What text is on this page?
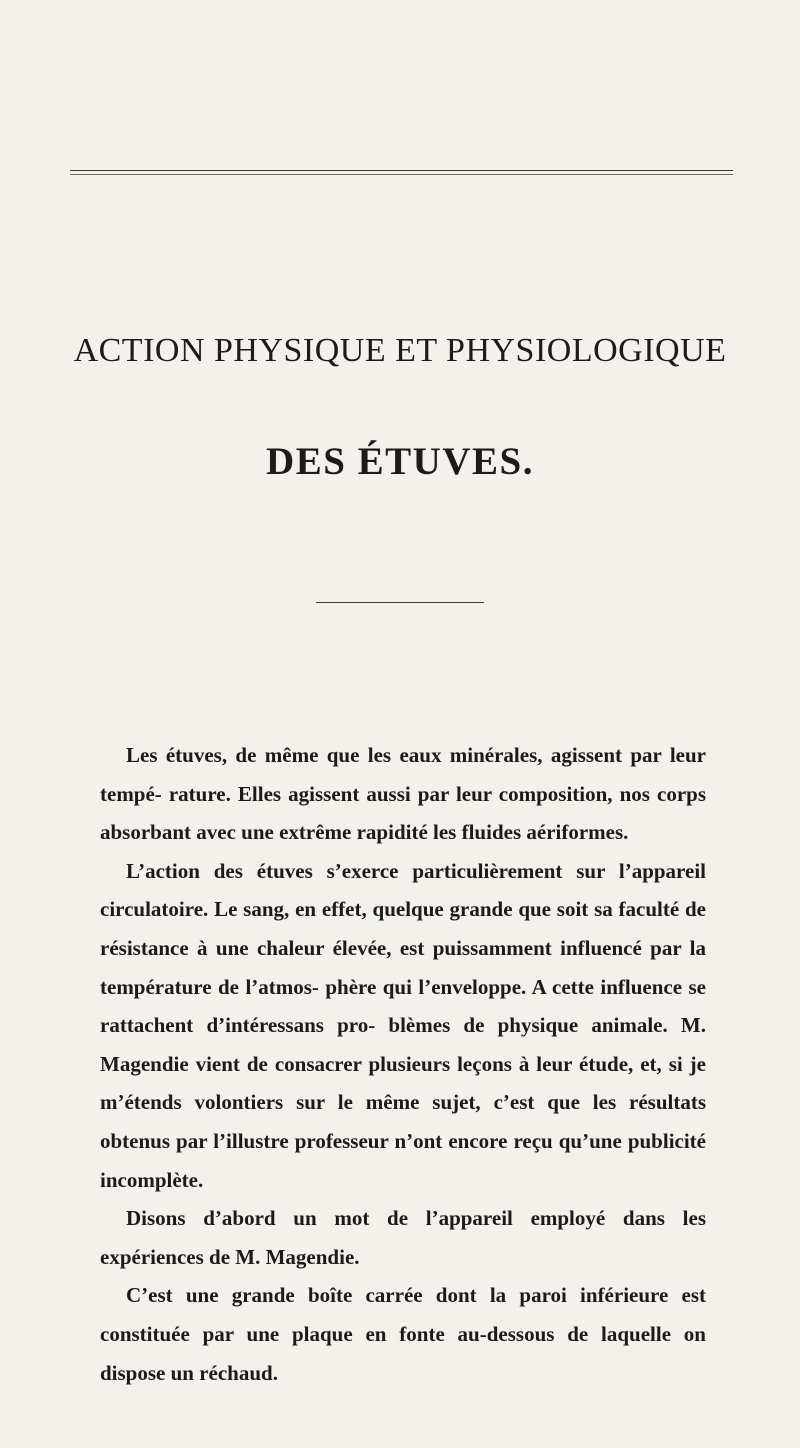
ACTION PHYSIQUE ET PHYSIOLOGIQUE
DES ÉTUVES.

Les étuves, de même que les eaux minérales, agissent par leur tempé- rature. Elles agissent aussi par leur composition, nos corps absorbant avec une extrême rapidité les fluides aériformes.

L’action des étuves s’exerce particulièrement sur l’appareil circulatoire. Le sang, en effet, quelque grande que soit sa faculté de résistance à une chaleur élevée, est puissamment influencé par la température de l’atmos- phère qui l’enveloppe. A cette influence se rattachent d’intéressans pro- blèmes de physique animale. M. Magendie vient de consacrer plusieurs leçons à leur étude, et, si je m’étends volontiers sur le même sujet, c’est que les résultats obtenus par l’illustre professeur n’ont encore reçu qu’une publicité incomplète.

Disons d’abord un mot de l’appareil employé dans les expériences de M. Magendie.

C’est une grande boîte carrée dont la paroi inférieure est constituée par une plaque en fonte au-dessous de laquelle on dispose un réchaud.
